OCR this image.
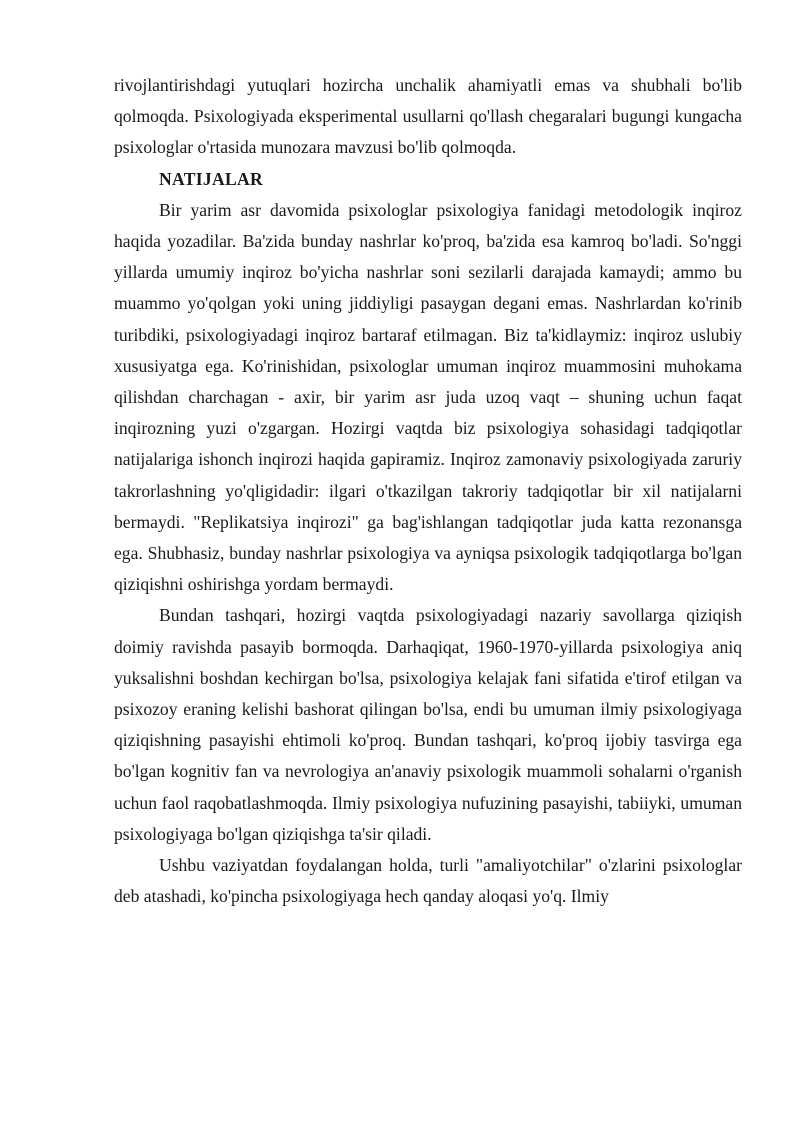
rivojlantirishdagi yutuqlari hozircha unchalik ahamiyatli emas va shubhali bo'lib qolmoqda. Psixologiyada eksperimental usullarni qo'llash chegaralari bugungi kungacha psixologlar o'rtasida munozara mavzusi bo'lib qolmoqda.

NATIJALAR

Bir yarim asr davomida psixologlar psixologiya fanidagi metodologik inqiroz haqida yozadilar. Ba'zida bunday nashrlar ko'proq, ba'zida esa kamroq bo'ladi. So'nggi yillarda umumiy inqiroz bo'yicha nashrlar soni sezilarli darajada kamaydi; ammo bu muammo yo'qolgan yoki uning jiddiyligi pasaygan degani emas. Nashrlardan ko'rinib turibdiki, psixologiyadagi inqiroz bartaraf etilmagan. Biz ta'kidlaymiz: inqiroz uslubiy xususiyatga ega. Ko'rinishidan, psixologlar umuman inqiroz muammosini muhokama qilishdan charchagan - axir, bir yarim asr juda uzoq vaqt – shuning uchun faqat inqirozning yuzi o'zgargan. Hozirgi vaqtda biz psixologiya sohasidagi tadqiqotlar natijalariga ishonch inqirozi haqida gapiramiz. Inqiroz zamonaviy psixologiyada zaruriy takrorlashning yo'qligidadir: ilgari o'tkazilgan takroriy tadqiqotlar bir xil natijalarni bermaydi. "Replikatsiya inqirozi" ga bag'ishlangan tadqiqotlar juda katta rezonansga ega. Shubhasiz, bunday nashrlar psixologiya va ayniqsa psixologik tadqiqotlarga bo'lgan qiziqishni oshirishga yordam bermaydi.

Bundan tashqari, hozirgi vaqtda psixologiyadagi nazariy savollarga qiziqish doimiy ravishda pasayib bormoqda. Darhaqiqat, 1960-1970-yillarda psixologiya aniq yuksalishni boshdan kechirgan bo'lsa, psixologiya kelajak fani sifatida e'tirof etilgan va psixozoy eraning kelishi bashorat qilingan bo'lsa, endi bu umuman ilmiy psixologiyaga qiziqishning pasayishi ehtimoli ko'proq. Bundan tashqari, ko'proq ijobiy tasvirga ega bo'lgan kognitiv fan va nevrologiya an'anaviy psixologik muammoli sohalarni o'rganish uchun faol raqobatlashmoqda. Ilmiy psixologiya nufuzining pasayishi, tabiiyki, umuman psixologiyaga bo'lgan qiziqishga ta'sir qiladi.

Ushbu vaziyatdan foydalangan holda, turli "amaliyotchilar" o'zlarini psixologlar deb atashadi, ko'pincha psixologiyaga hech qanday aloqasi yo'q. Ilmiy
